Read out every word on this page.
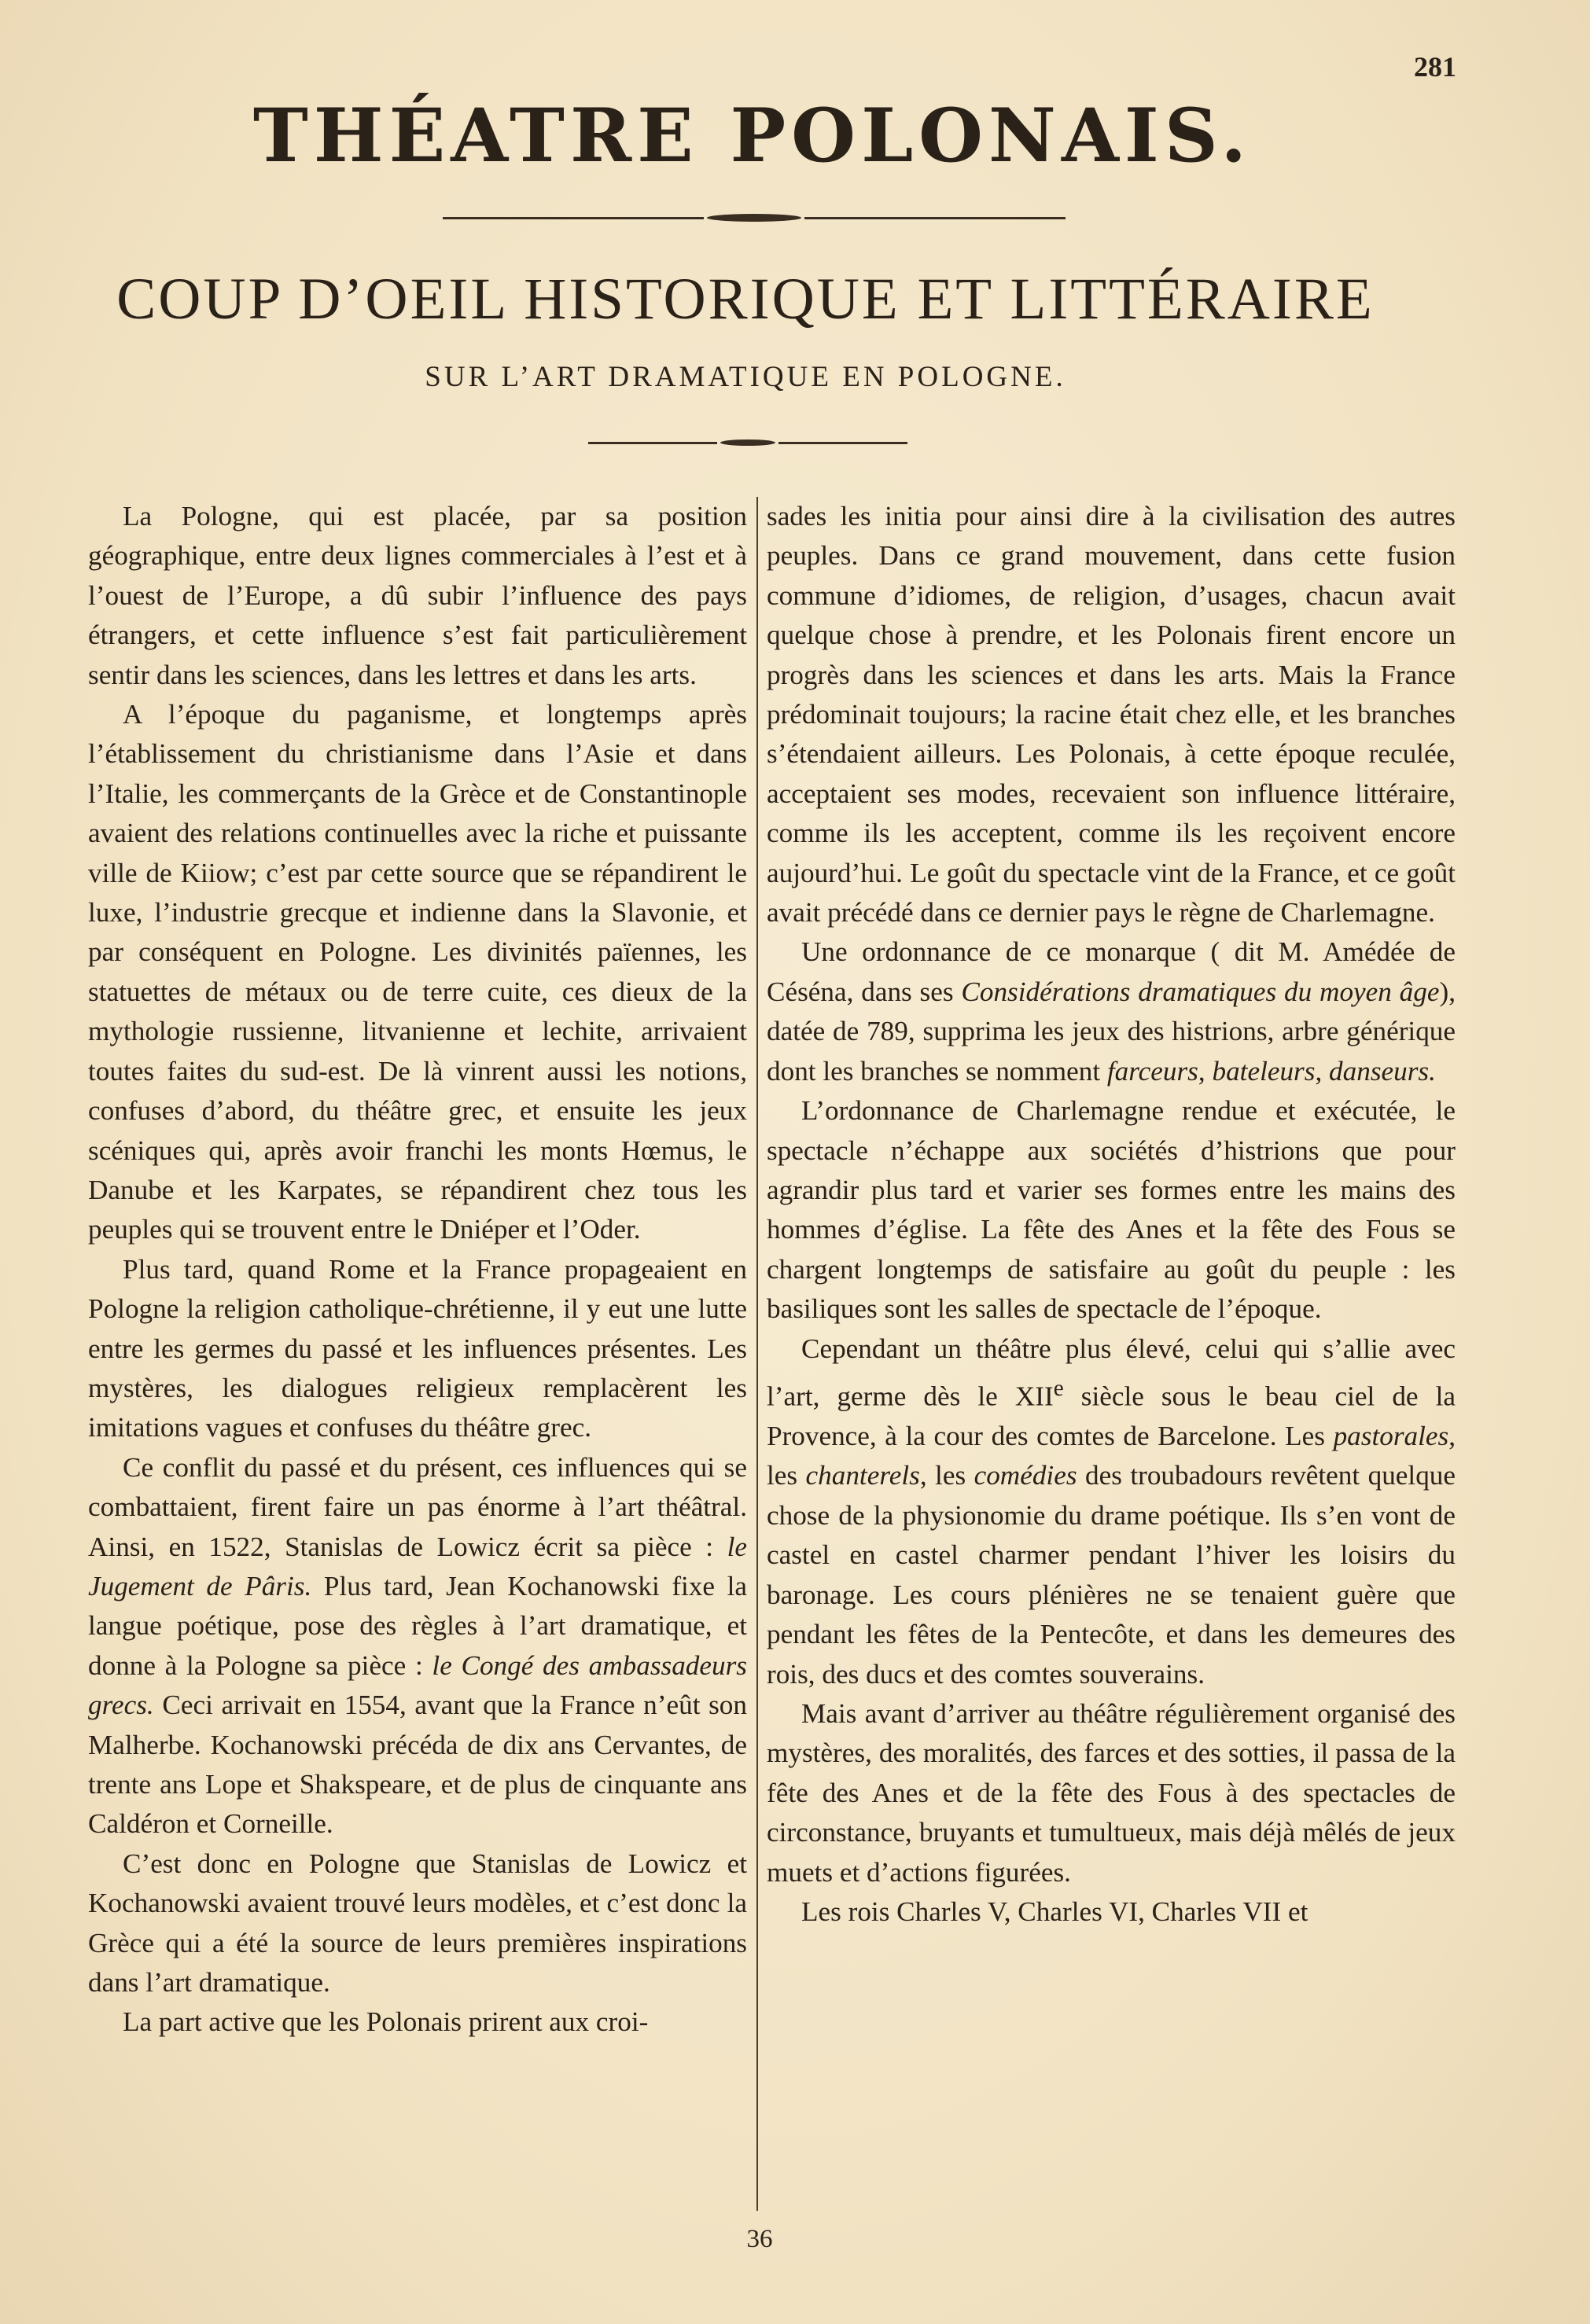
281
THÉATRE POLONAIS.
COUP D’OEIL HISTORIQUE ET LITTÉRAIRE
SUR L’ART DRAMATIQUE EN POLOGNE.

La Pologne, qui est placée, par sa position géographique, entre deux lignes commerciales à l’est et à l’ouest de l’Europe, a dû subir l’influence des pays étrangers, et cette influence s’est fait particulièrement sentir dans les sciences, dans les lettres et dans les arts.

A l’époque du paganisme, et longtemps après l’établissement du christianisme dans l’Asie et dans l’Italie, les commerçants de la Grèce et de Constantinople avaient des relations continuelles avec la riche et puissante ville de Kiiow; c’est par cette source que se répandirent le luxe, l’industrie grecque et indienne dans la Slavonie, et par conséquent en Pologne. Les divinités païennes, les statuettes de métaux ou de terre cuite, ces dieux de la mythologie russienne, litvanienne et lechite, arrivaient toutes faites du sud-est. De là vinrent aussi les notions, confuses d’abord, du théâtre grec, et ensuite les jeux scéniques qui, après avoir franchi les monts Hœmus, le Danube et les Karpates, se répandirent chez tous les peuples qui se trouvent entre le Dniéper et l’Oder.

Plus tard, quand Rome et la France propageaient en Pologne la religion catholique-chrétienne, il y eut une lutte entre les germes du passé et les influences présentes. Les mystères, les dialogues religieux remplacèrent les imitations vagues et confuses du théâtre grec.

Ce conflit du passé et du présent, ces influences qui se combattaient, firent faire un pas énorme à l’art théâtral. Ainsi, en 1522, Stanislas de Lowicz écrit sa pièce : le Jugement de Pâris. Plus tard, Jean Kochanowski fixe la langue poétique, pose des règles à l’art dramatique, et donne à la Pologne sa pièce : le Congé des ambassadeurs grecs. Ceci arrivait en 1554, avant que la France n’eût son Malherbe. Kochanowski précéda de dix ans Cervantes, de trente ans Lope et Shakspeare, et de plus de cinquante ans Caldéron et Corneille.

C’est donc en Pologne que Stanislas de Lowicz et Kochanowski avaient trouvé leurs modèles, et c’est donc la Grèce qui a été la source de leurs premières inspirations dans l’art dramatique.

La part active que les Polonais prirent aux croi-

sades les initia pour ainsi dire à la civilisation des autres peuples. Dans ce grand mouvement, dans cette fusion commune d’idiomes, de religion, d’usages, chacun avait quelque chose à prendre, et les Polonais firent encore un progrès dans les sciences et dans les arts. Mais la France prédominait toujours; la racine était chez elle, et les branches s’étendaient ailleurs. Les Polonais, à cette époque reculée, acceptaient ses modes, recevaient son influence littéraire, comme ils les acceptent, comme ils les reçoivent encore aujourd’hui. Le goût du spectacle vint de la France, et ce goût avait précédé dans ce dernier pays le règne de Charlemagne.

Une ordonnance de ce monarque ( dit M. Amédée de Céséna, dans ses Considérations dramatiques du moyen âge), datée de 789, supprima les jeux des histrions, arbre générique dont les branches se nomment farceurs, bateleurs, danseurs.

L’ordonnance de Charlemagne rendue et exécutée, le spectacle n’échappe aux sociétés d’histrions que pour agrandir plus tard et varier ses formes entre les mains des hommes d’église. La fête des Anes et la fête des Fous se chargent longtemps de satisfaire au goût du peuple : les basiliques sont les salles de spectacle de l’époque.

Cependant un théâtre plus élevé, celui qui s’allie avec l’art, germe dès le XIIe siècle sous le beau ciel de la Provence, à la cour des comtes de Barcelone. Les pastorales, les chanterels, les comédies des troubadours revêtent quelque chose de la physionomie du drame poétique. Ils s’en vont de castel en castel charmer pendant l’hiver les loisirs du baronage. Les cours plénières ne se tenaient guère que pendant les fêtes de la Pentecôte, et dans les demeures des rois, des ducs et des comtes souverains.

Mais avant d’arriver au théâtre régulièrement organisé des mystères, des moralités, des farces et des sotties, il passa de la fête des Anes et de la fête des Fous à des spectacles de circonstance, bruyants et tumultueux, mais déjà mêlés de jeux muets et d’actions figurées.

Les rois Charles V, Charles VI, Charles VII et

36
